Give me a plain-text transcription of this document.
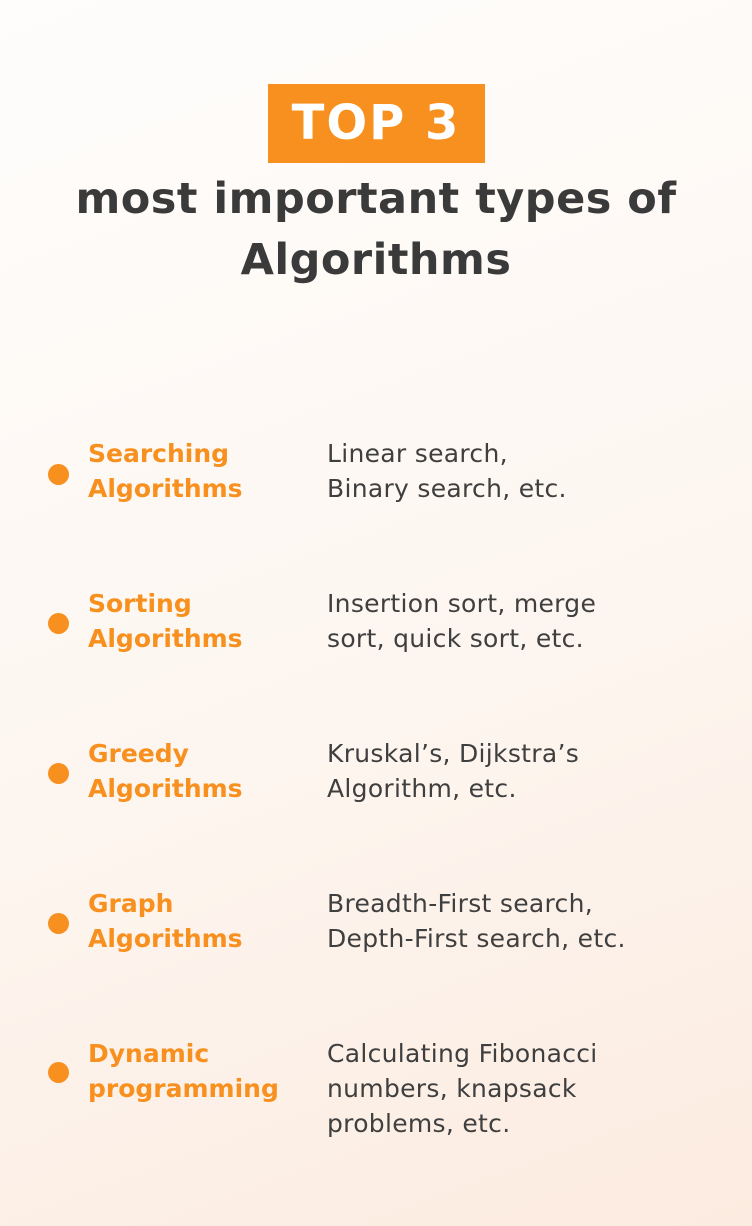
TOP 3
most important types of
Algorithms
Searching
Algorithms
Linear search,
Binary search, etc.
Sorting
Algorithms
Insertion sort, merge
sort, quick sort, etc.
Greedy
Algorithms
Kruskal’s, Dijkstra’s
Algorithm, etc.
Graph
Algorithms
Breadth-First search,
Depth-First search, etc.
Dynamic
programming
Calculating Fibonacci
numbers, knapsack
problems, etc.
